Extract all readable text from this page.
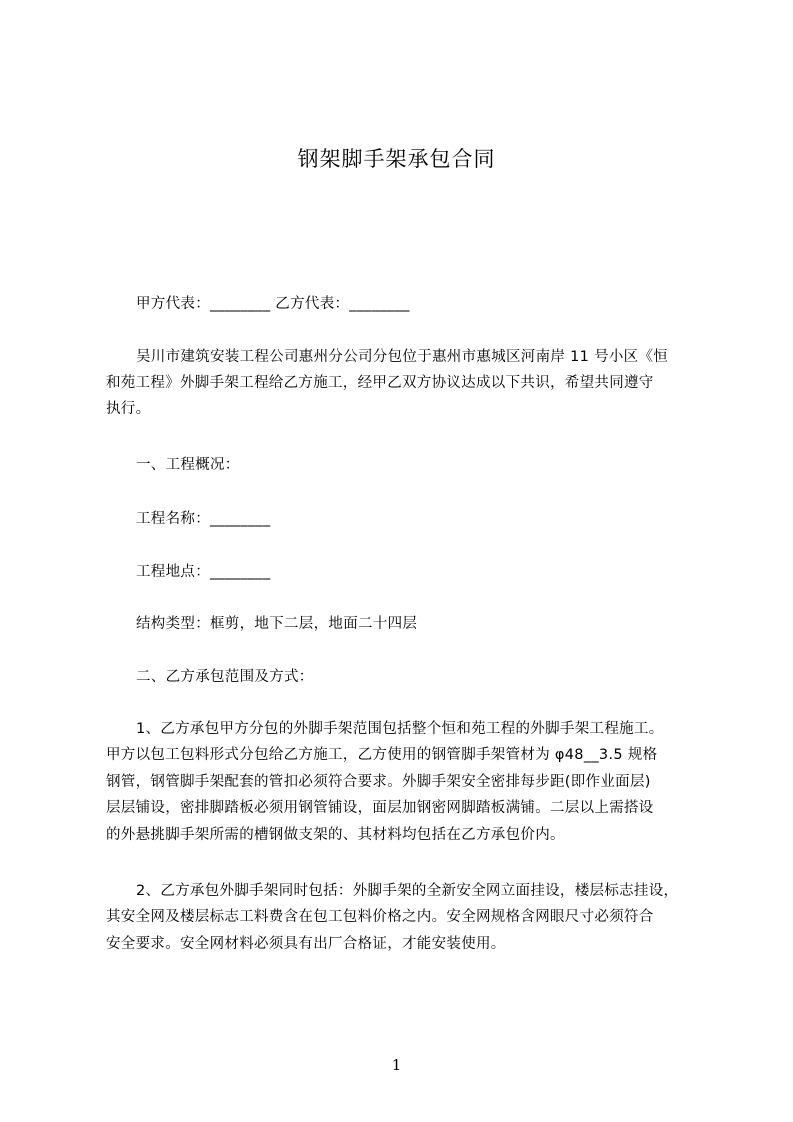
钢架脚手架承包合同
甲方代表：________ 乙方代表：________
吴川市建筑安装工程公司惠州分公司分包位于惠州市惠城区河南岸 11 号小区《恒
和苑工程》外脚手架工程给乙方施工，经甲乙双方协议达成以下共识，希望共同遵守
执行。
一、工程概况：
工程名称：________
工程地点：________
结构类型：框剪，地下二层，地面二十四层
二、乙方承包范围及方式：
1、乙方承包甲方分包的外脚手架范围包括整个恒和苑工程的外脚手架工程施工。
甲方以包工包料形式分包给乙方施工，乙方使用的钢管脚手架管材为 φ48__3.5 规格
钢管，钢管脚手架配套的管扣必须符合要求。外脚手架安全密排每步距(即作业面层)
层层铺设，密排脚踏板必须用钢管铺设，面层加钢密网脚踏板满铺。二层以上需搭设
的外悬挑脚手架所需的槽钢做支架的、其材料均包括在乙方承包价内。
2、乙方承包外脚手架同时包括：外脚手架的全新安全网立面挂设，楼层标志挂设，
其安全网及楼层标志工料费含在包工包料价格之内。安全网规格含网眼尺寸必须符合
安全要求。安全网材料必须具有出厂合格证，才能安装使用。
1
